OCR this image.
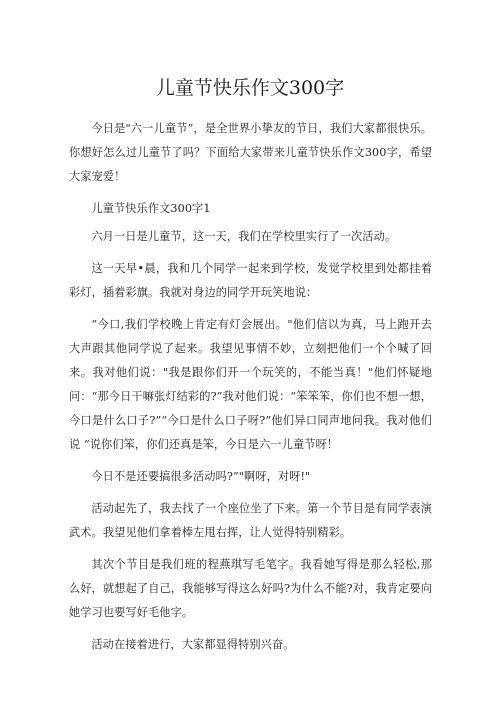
儿童节快乐作文300字

今日是"六一儿童节”，是全世界小挚友的节日，我们大家都很快乐。你想好怎么过儿童节了吗？下面给大家带来儿童节快乐作文300字，希望大家宠爱！

儿童节快乐作文300字1

六月一日是儿童节，这一天，我们在学校里实行了一次活动。

这一天早•晨，我和几个同学一起来到学校，发觉学校里到处都挂着彩灯，插着彩旗。我就对身边的同学开玩笑地说：

“今口,我们学校晚上肯定有灯会展出。"他们信以为真，马上跑开去大声跟其他同学说了起来。我望见事情不妙，立刻把他们一个个喊了回来。我对他们说："我是跟你们开一个玩笑的，不能当真！"他们怀疑地问：“那今日干嘛张灯结彩的?”我对他们说：“笨笨笨，你们也不想一想，今口是什么口子?”“今口是什么口子呀?”他们异口同声地问我。我对他们说 “说你们笨，你们还真是笨，今日是六一儿童节呀！

今日不是还要搞很多活动吗?”"啊呀，对呀!"

活动起先了，我去找了一个座位坐了下来。第一个节目是有同学表演武术。我望见他们拿着棒左甩右挥，让人觉得特别精彩。

其次个节目是我们班的程燕琪写毛笔字。我看她写得是那么轻松,那么好，就想起了自己，我能够写得这么好吗?为什么不能?对，我肯定要向她学习也要写好毛他字。

活动在接着进行，大家都显得特别兴奋。
